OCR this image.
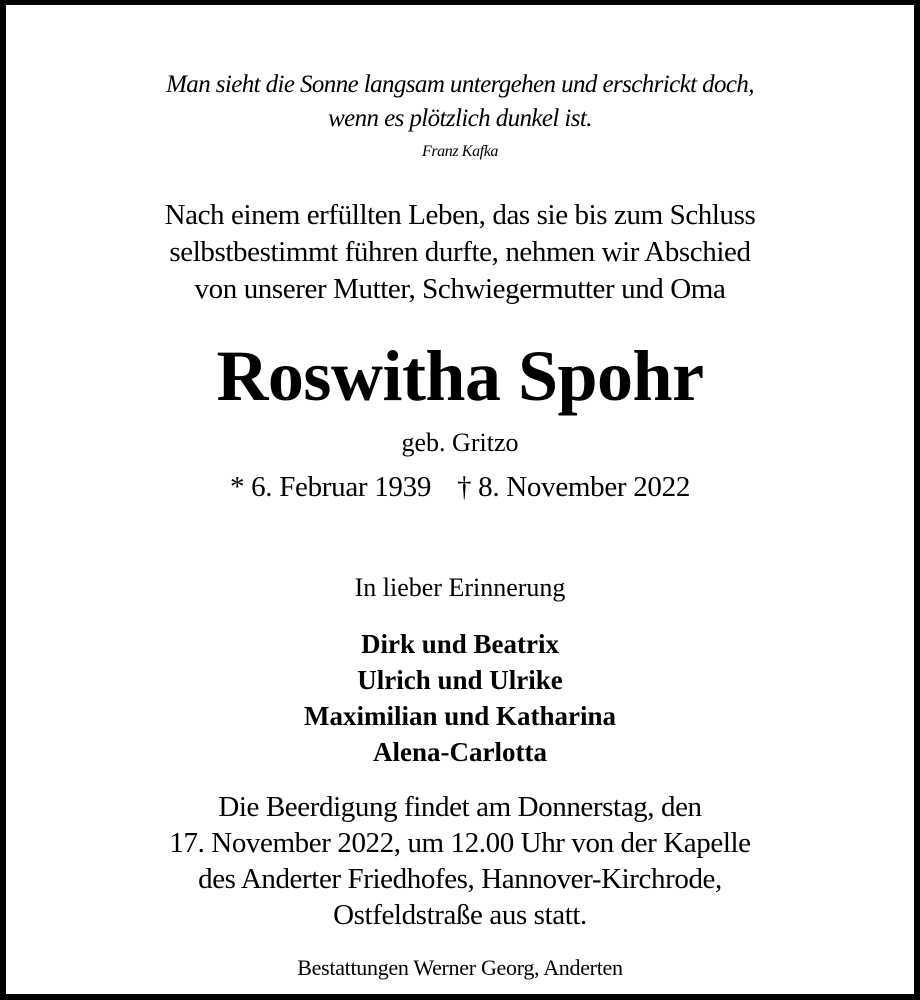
Man sieht die Sonne langsam untergehen und erschrickt doch,
wenn es plötzlich dunkel ist.
Franz Kafka
Nach einem erfüllten Leben, das sie bis zum Schluss
selbstbestimmt führen durfte, nehmen wir Abschied
von unserer Mutter, Schwiegermutter und Oma
Roswitha Spohr
geb. Gritzo
* 6. Februar 1939 † 8. November 2022
In lieber Erinnerung
Dirk und Beatrix
Ulrich und Ulrike
Maximilian und Katharina
Alena-Carlotta
Die Beerdigung findet am Donnerstag, den
17. November 2022, um 12.00 Uhr von der Kapelle
des Anderter Friedhofes, Hannover-Kirchrode,
Ostfeldstraße aus statt.
Bestattungen Werner Georg, Anderten
